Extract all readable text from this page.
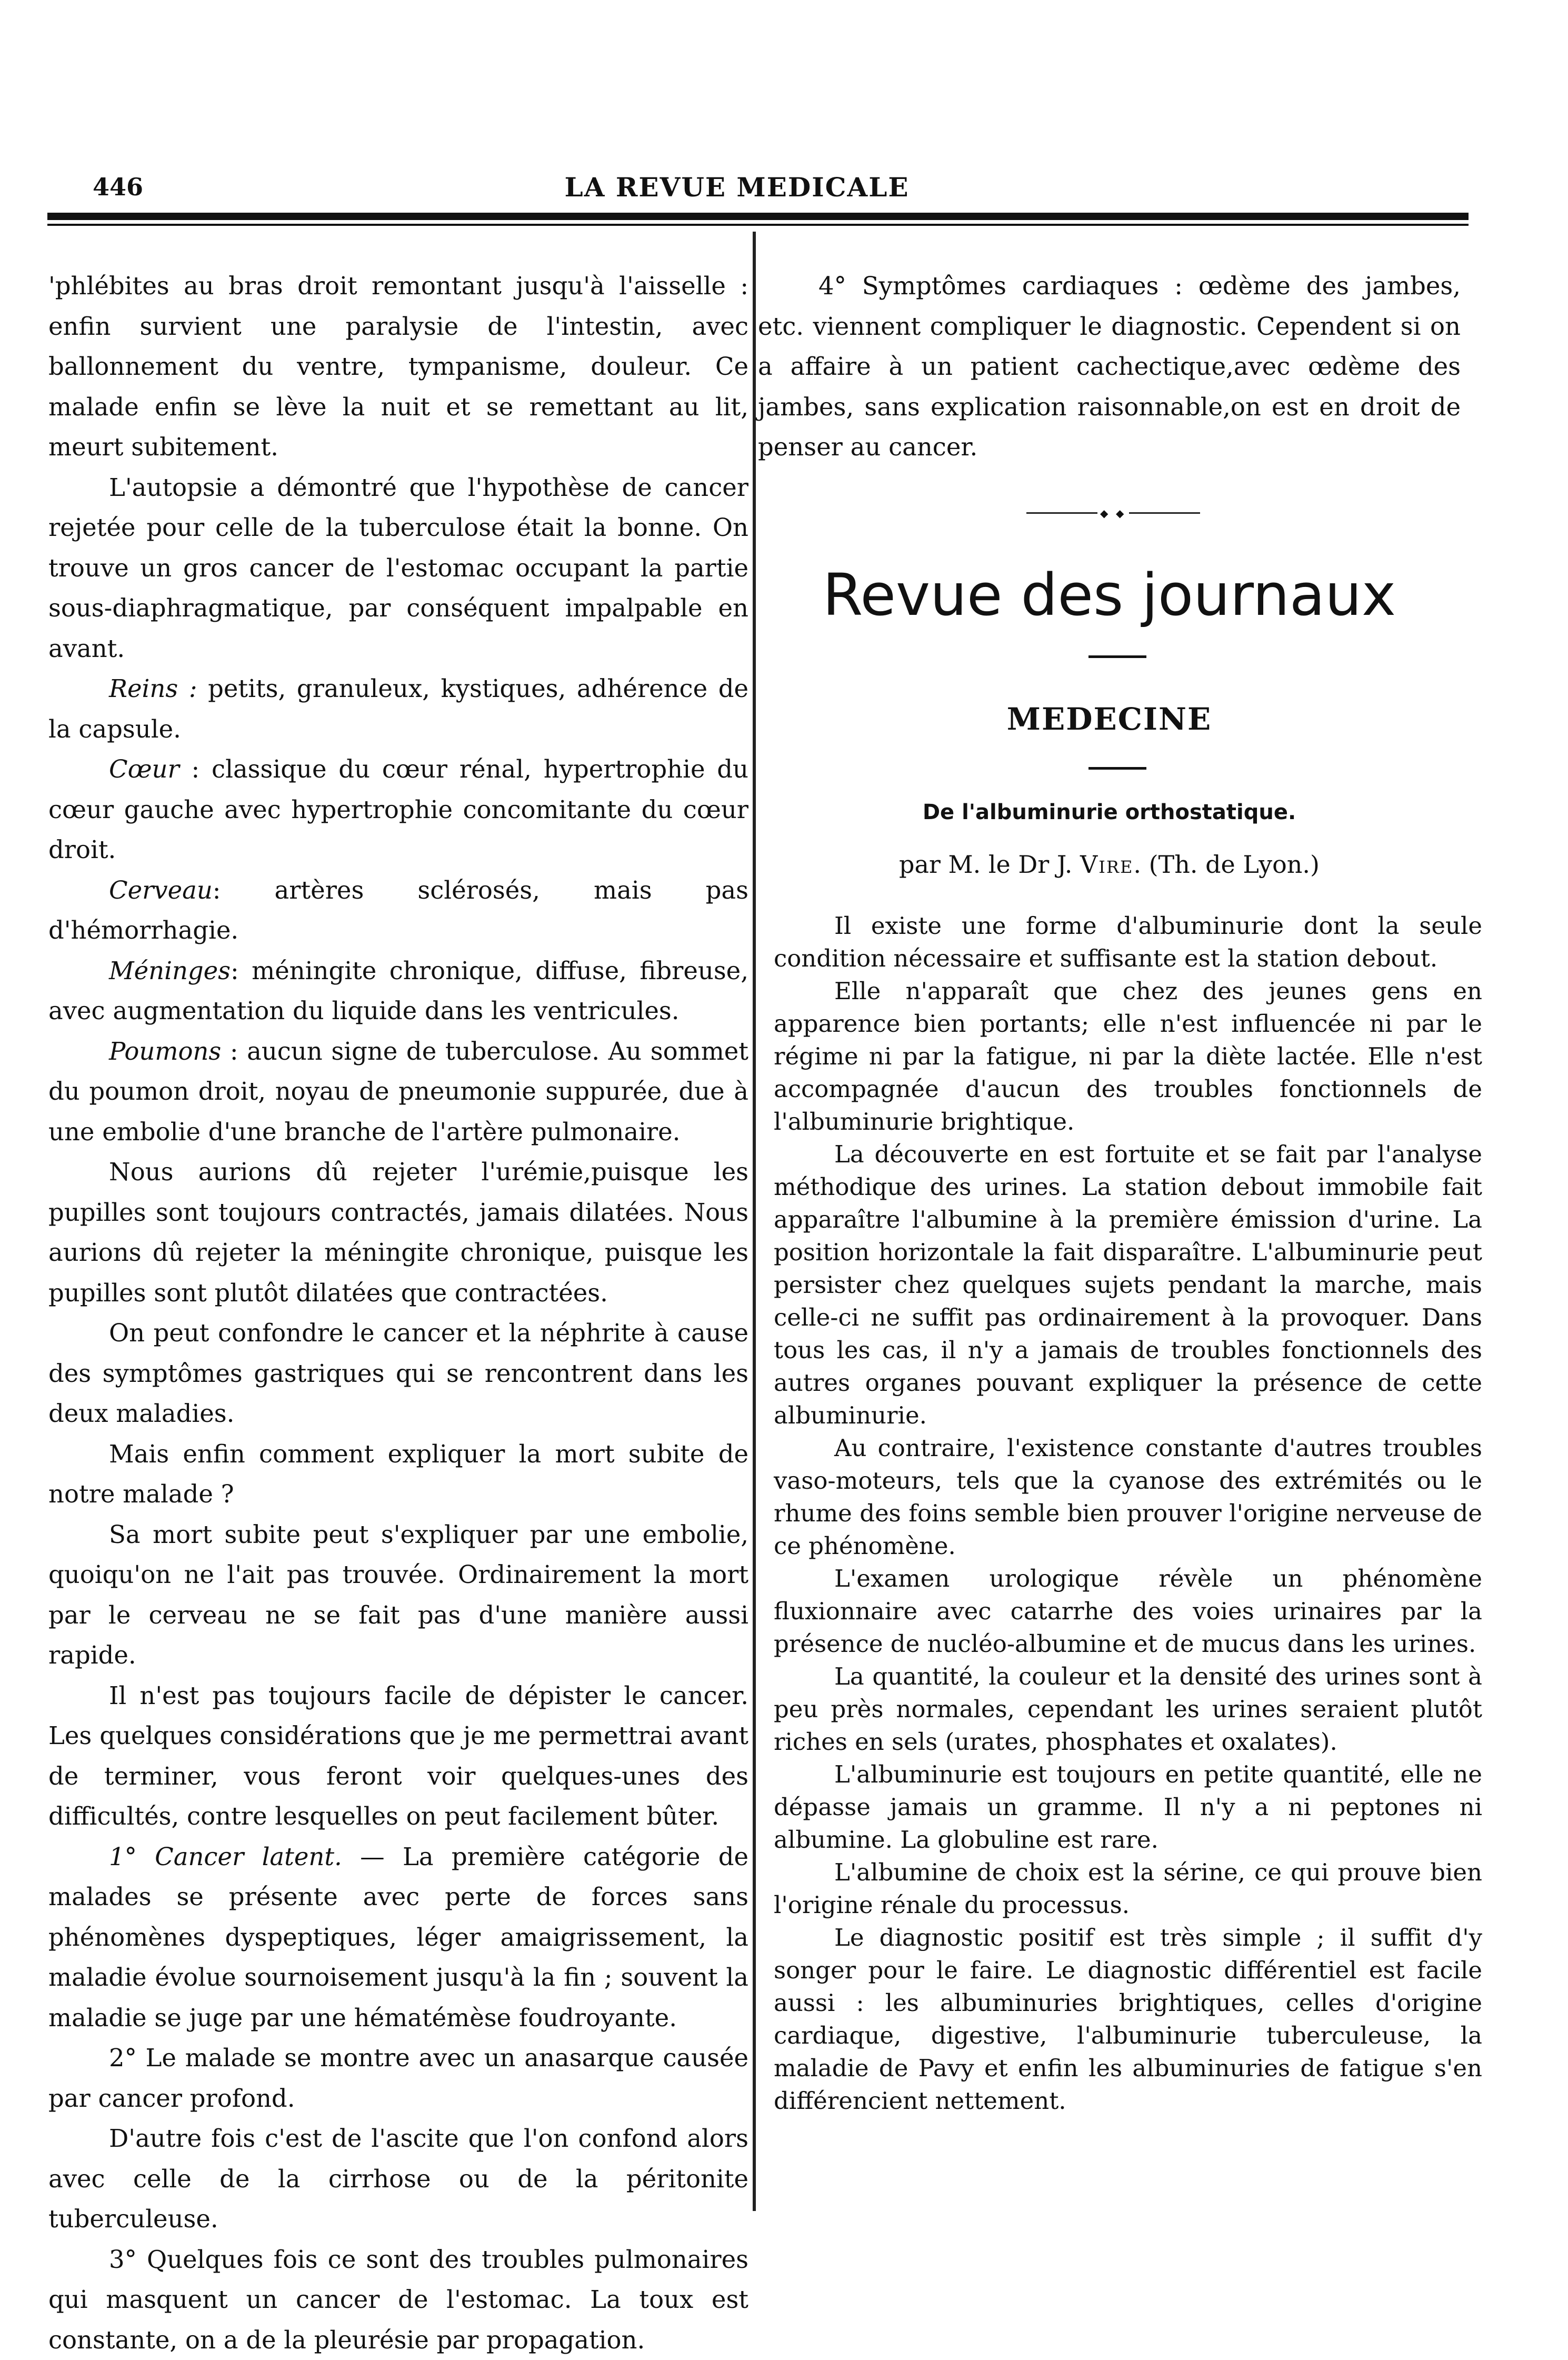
446	LA REVUE MEDICALE

'phlébites au bras droit remontant jusqu'à l'aisselle : enfin survient une paralysie de l'intestin, avec ballonnement du ventre, tympanisme, douleur. Ce malade enfin se lève la nuit et se remettant au lit, meurt subitement.

L'autopsie a démontré que l'hypothèse de cancer rejetée pour celle de la tuberculose était la bonne. On trouve un gros cancer de l'estomac occupant la partie sous-diaphragmatique, par conséquent impalpable en avant.

Reins : petits, granuleux, kystiques, adhérence de la capsule.

Cœur : classique du cœur rénal, hypertrophie du cœur gauche avec hypertrophie concomitante du cœur droit.

Cerveau: artères sclérosés, mais pas d'hémorrhagie.

Méninges: méningite chronique, diffuse, fibreuse, avec augmentation du liquide dans les ventricules.

Poumons : aucun signe de tuberculose. Au sommet du poumon droit, noyau de pneumonie suppurée, due à une embolie d'une branche de l'artère pulmonaire.

Nous aurions dû rejeter l'urémie,puisque les pupilles sont toujours contractés, jamais dilatées. Nous aurions dû rejeter la méningite chronique, puisque les pupilles sont plutôt dilatées que contractées.

On peut confondre le cancer et la néphrite à cause des symptômes gastriques qui se rencontrent dans les deux maladies.

Mais enfin comment expliquer la mort subite de notre malade ?

Sa mort subite peut s'expliquer par une embolie, quoiqu'on ne l'ait pas trouvée. Ordinairement la mort par le cerveau ne se fait pas d'une manière aussi rapide.

Il n'est pas toujours facile de dépister le cancer. Les quelques considérations que je me permettrai avant de terminer, vous feront voir quelques-unes des difficultés, contre lesquelles on peut facilement bûter.

1° Cancer latent. — La première catégorie de malades se présente avec perte de forces sans phénomènes dyspeptiques, léger amaigrissement, la maladie évolue sournoisement jusqu'à la fin ; souvent la maladie se juge par une hématémèse foudroyante.

2° Le malade se montre avec un anasarque causée par cancer profond.

D'autre fois c'est de l'ascite que l'on confond alors avec celle de la cirrhose ou de la péritonite tuberculeuse.

3° Quelques fois ce sont des troubles pulmonaires qui masquent un cancer de l'estomac. La toux est constante, on a de la pleurésie par propagation.

4° Symptômes cardiaques : œdème des jambes, etc. viennent compliquer le diagnostic. Cependent si on a affaire à un patient cachectique,avec œdème des jambes, sans explication raisonnable,on est en droit de penser au cancer.

◆ ◆
Revue des journaux
MEDECINE
De l'albuminurie orthostatique.
par M. le Dr J. Vire. (Th. de Lyon.)

Il existe une forme d'albuminurie dont la seule condition nécessaire et suffisante est la station debout.

Elle n'apparaît que chez des jeunes gens en apparence bien portants; elle n'est influencée ni par le régime ni par la fatigue, ni par la diète lactée. Elle n'est accompagnée d'aucun des troubles fonctionnels de l'albuminurie brightique.

La découverte en est fortuite et se fait par l'analyse méthodique des urines. La station debout immobile fait apparaître l'albumine à la première émission d'urine. La position horizontale la fait disparaître. L'albuminurie peut persister chez quelques sujets pendant la marche, mais celle-ci ne suffit pas ordinairement à la provoquer. Dans tous les cas, il n'y a jamais de troubles fonctionnels des autres organes pouvant expliquer la présence de cette albuminurie.

Au contraire, l'existence constante d'autres troubles vaso-moteurs, tels que la cyanose des extrémités ou le rhume des foins semble bien prouver l'origine nerveuse de ce phénomène.

L'examen urologique révèle un phénomène fluxionnaire avec catarrhe des voies urinaires par la présence de nucléo-albumine et de mucus dans les urines.

La quantité, la couleur et la densité des urines sont à peu près normales, cependant les urines seraient plutôt riches en sels (urates, phosphates et oxalates).

L'albuminurie est toujours en petite quantité, elle ne dépasse jamais un gramme. Il n'y a ni peptones ni albumine. La globuline est rare.

L'albumine de choix est la sérine, ce qui prouve bien l'origine rénale du processus.

Le diagnostic positif est très simple ; il suffit d'y songer pour le faire. Le diagnostic différentiel est facile aussi : les albuminuries brightiques, celles d'origine cardiaque, digestive, l'albuminurie tuberculeuse, la maladie de Pavy et enfin les albuminuries de fatigue s'en différencient nettement.
